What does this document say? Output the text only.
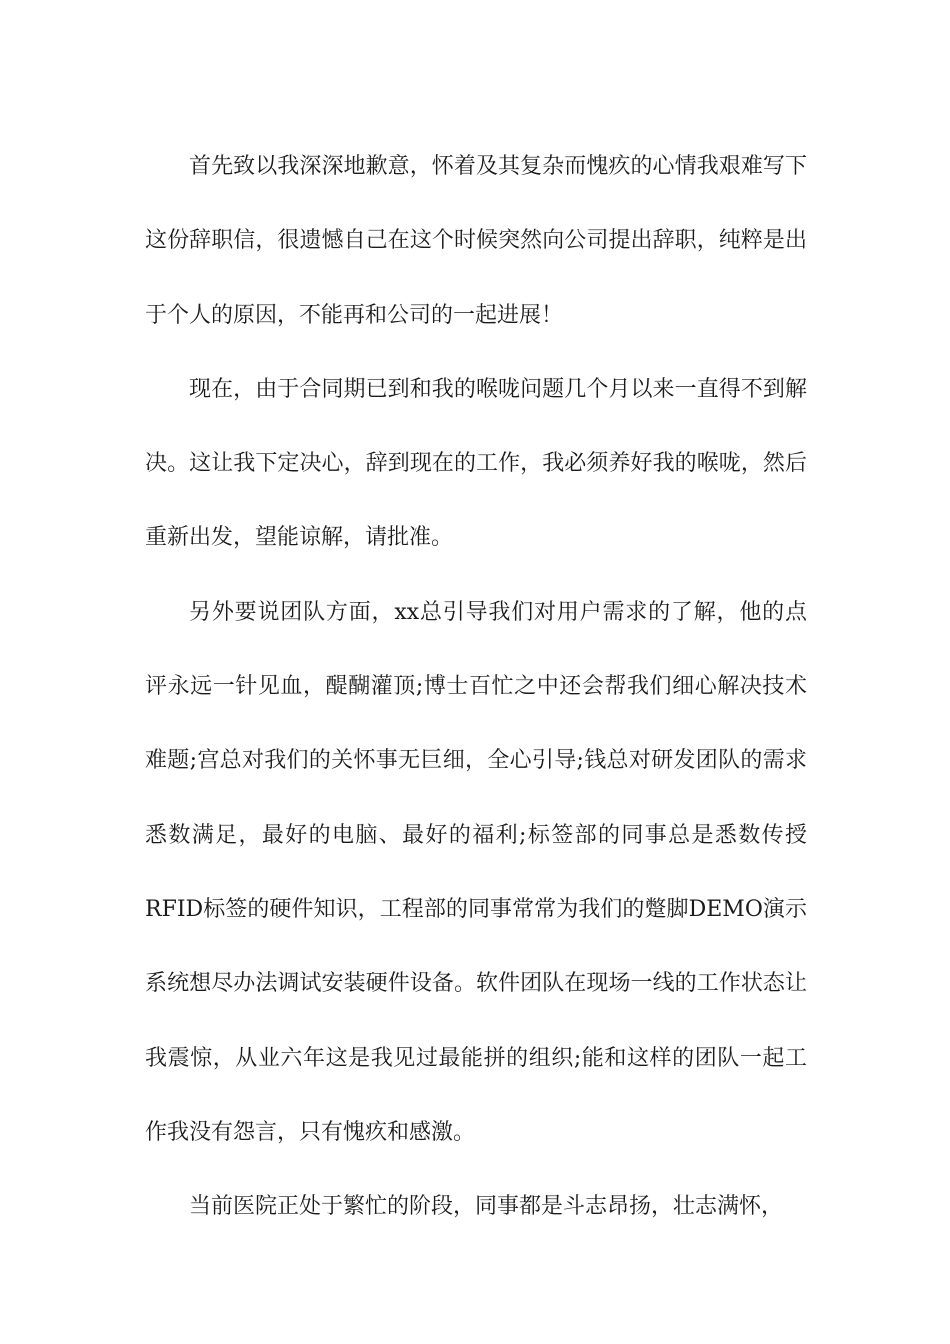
首先致以我深深地歉意，怀着及其复杂而愧疚的心情我艰难写下这份辞职信，很遗憾自己在这个时候突然向公司提出辞职，纯粹是出于个人的原因，不能再和公司的一起进展！

现在，由于合同期已到和我的喉咙问题几个月以来一直得不到解决。这让我下定决心，辞到现在的工作，我必须养好我的喉咙，然后重新出发，望能谅解，请批准。

另外要说团队方面，xx总引导我们对用户需求的了解，他的点评永远一针见血，醍醐灌顶;博士百忙之中还会帮我们细心解决技术难题;宫总对我们的关怀事无巨细，全心引导;钱总对研发团队的需求悉数满足，最好的电脑、最好的福利;标签部的同事总是悉数传授RFID标签的硬件知识，工程部的同事常常为我们的蹩脚DEMO演示系统想尽办法调试安装硬件设备。软件团队在现场一线的工作状态让我震惊，从业六年这是我见过最能拼的组织;能和这样的团队一起工作我没有怨言，只有愧疚和感激。

当前医院正处于繁忙的阶段，同事都是斗志昂扬，壮志满怀，
